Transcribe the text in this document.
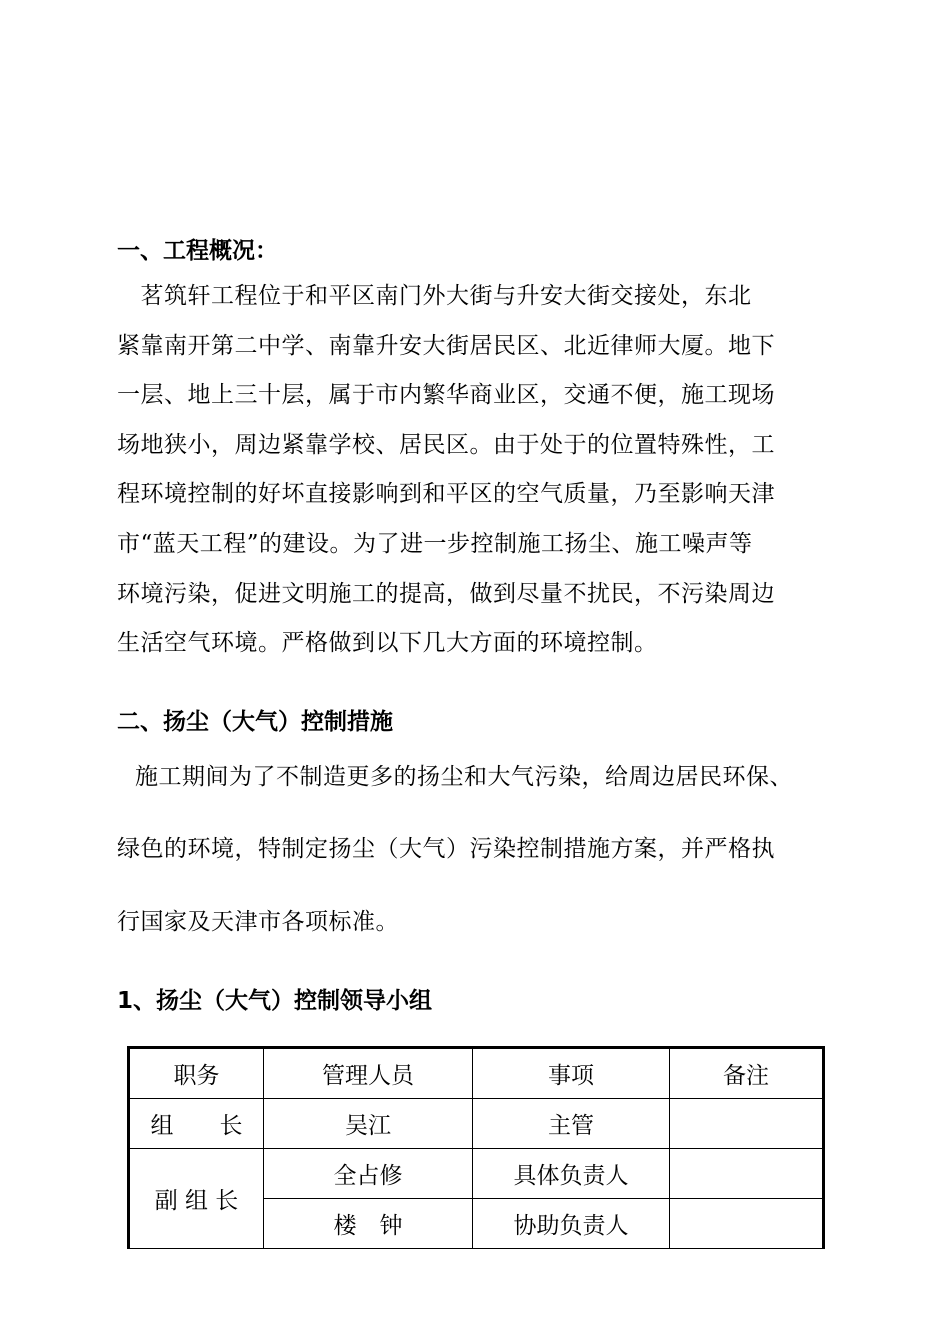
一、工程概况：
　茗筑轩工程位于和平区南门外大街与升安大街交接处，东北
紧靠南开第二中学、南靠升安大街居民区、北近律师大厦。地下
一层、地上三十层，属于市内繁华商业区，交通不便，施工现场
场地狭小，周边紧靠学校、居民区。由于处于的位置特殊性，工
程环境控制的好坏直接影响到和平区的空气质量，乃至影响天津
市“蓝天工程”的建设。为了进一步控制施工扬尘、施工噪声等
环境污染，促进文明施工的提高，做到尽量不扰民，不污染周边
生活空气环境。严格做到以下几大方面的环境控制。
二、扬尘（大气）控制措施
施工期间为了不制造更多的扬尘和大气污染，给周边居民环保、
绿色的环境，特制定扬尘（大气）污染控制措施方案，并严格执
行国家及天津市各项标准。
1、扬尘（大气）控制领导小组
职务	管理人员	事项	备注
组　　长	吴江	主管	
副 组 长	全占修	具体负责人	
	楼　钟	协助负责人	
